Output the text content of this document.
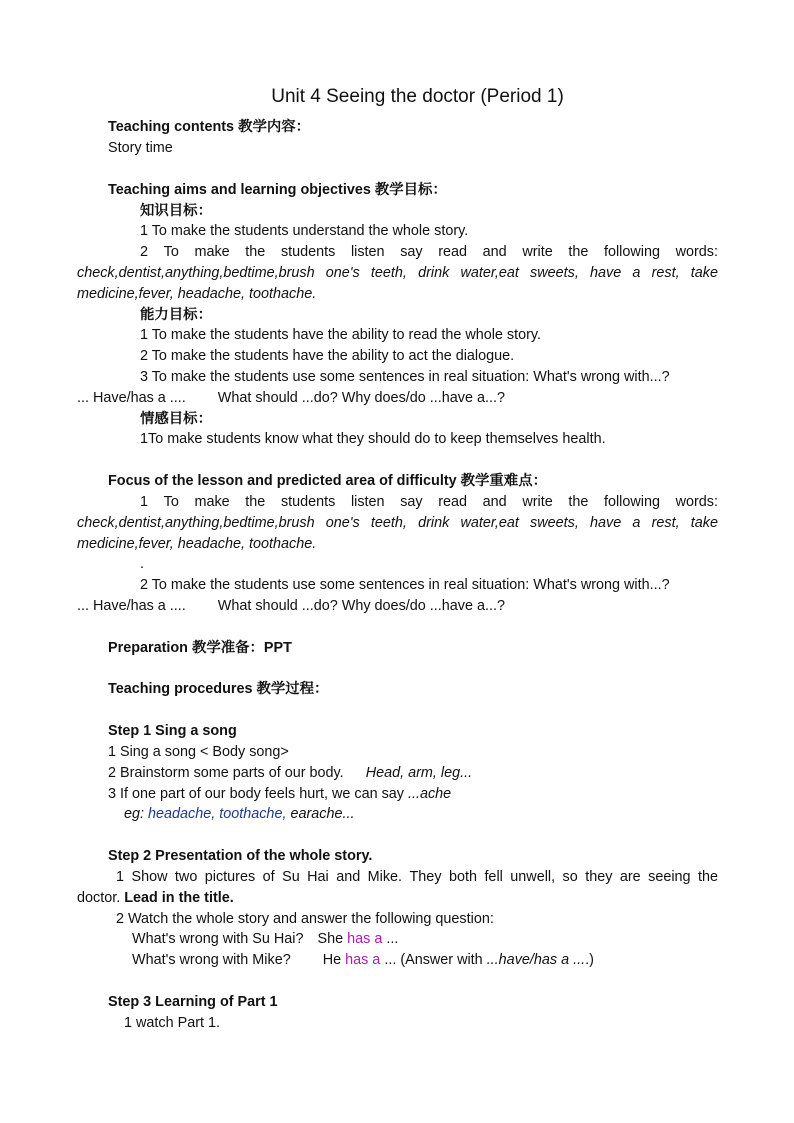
Unit 4 Seeing the doctor (Period 1)

Teaching contents 教学内容：

Story time

Teaching aims and learning objectives 教学目标：

知识目标：

1 To make the students understand the whole story.

2 To make the students listen say read and write the following words:
check,dentist,anything,bedtime,brush one's teeth, drink water,eat sweets, have a rest, take

medicine,fever, headache, toothache.

能力目标：

1 To make the students have the ability to read the whole story.

2 To make the students have the ability to act the dialogue.

3 To make the students use some sentences in real situation: What's wrong with...?

... Have/has a .... What should ...do? Why does/do ...have a...?

情感目标：

1To make students know what they should do to keep themselves health.

Focus of the lesson and predicted area of difficulty 教学重难点：

1 To make the students listen say read and write the following words:
check,dentist,anything,bedtime,brush one's teeth, drink water,eat sweets, have a rest, take

medicine,fever, headache, toothache.

.

2 To make the students use some sentences in real situation: What's wrong with...?

... Have/has a .... What should ...do? Why does/do ...have a...?

Preparation 教学准备：PPT

Teaching procedures 教学过程：

Step 1 Sing a song

1 Sing a song < Body song>

2 Brainstorm some parts of our body. Head, arm, leg...

3 If one part of our body feels hurt, we can say ...ache

eg: headache, toothache, earache...

Step 2 Presentation of the whole story.

1 Show two pictures of Su Hai and Mike. They both fell unwell, so they are seeing the

doctor. Lead in the title.

2 Watch the whole story and answer the following question:

What's wrong with Su Hai? She has a ...

What's wrong with Mike? He has a ... (Answer with ...have/has a ....)

Step 3 Learning of Part 1

1 watch Part 1.
